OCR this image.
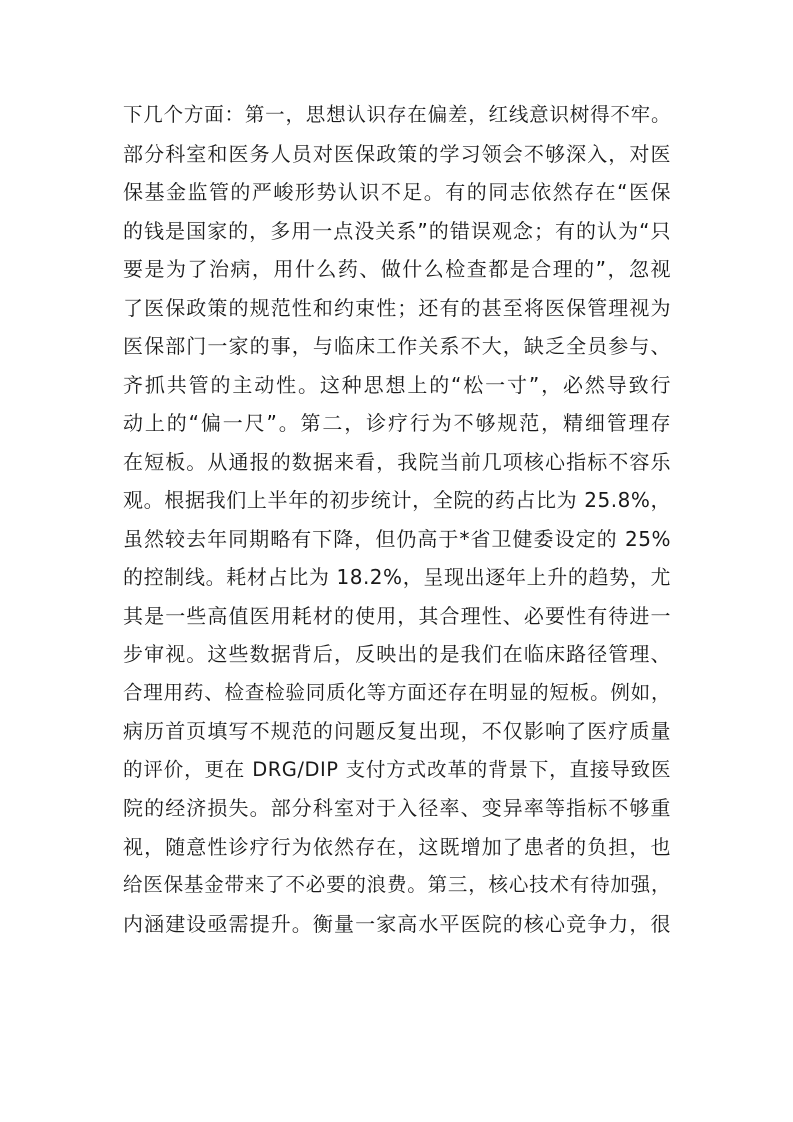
下几个方面：第一，思想认识存在偏差，红线意识树得不牢。
部分科室和医务人员对医保政策的学习领会不够深入，对医
保基金监管的严峻形势认识不足。有的同志依然存在“医保
的钱是国家的，多用一点没关系”的错误观念；有的认为“只
要是为了治病，用什么药、做什么检查都是合理的”，忽视
了医保政策的规范性和约束性；还有的甚至将医保管理视为
医保部门一家的事，与临床工作关系不大，缺乏全员参与、
齐抓共管的主动性。这种思想上的“松一寸”，必然导致行
动上的“偏一尺”。第二，诊疗行为不够规范，精细管理存
在短板。从通报的数据来看，我院当前几项核心指标不容乐
观。根据我们上半年的初步统计，全院的药占比为 25.8%，
虽然较去年同期略有下降，但仍高于*省卫健委设定的 25%
的控制线。耗材占比为 18.2%，呈现出逐年上升的趋势，尤
其是一些高值医用耗材的使用，其合理性、必要性有待进一
步审视。这些数据背后，反映出的是我们在临床路径管理、
合理用药、检查检验同质化等方面还存在明显的短板。例如，
病历首页填写不规范的问题反复出现，不仅影响了医疗质量
的评价，更在 DRG/DIP 支付方式改革的背景下，直接导致医
院的经济损失。部分科室对于入径率、变异率等指标不够重
视，随意性诊疗行为依然存在，这既增加了患者的负担，也
给医保基金带来了不必要的浪费。第三，核心技术有待加强，
内涵建设亟需提升。衡量一家高水平医院的核心竞争力，很
